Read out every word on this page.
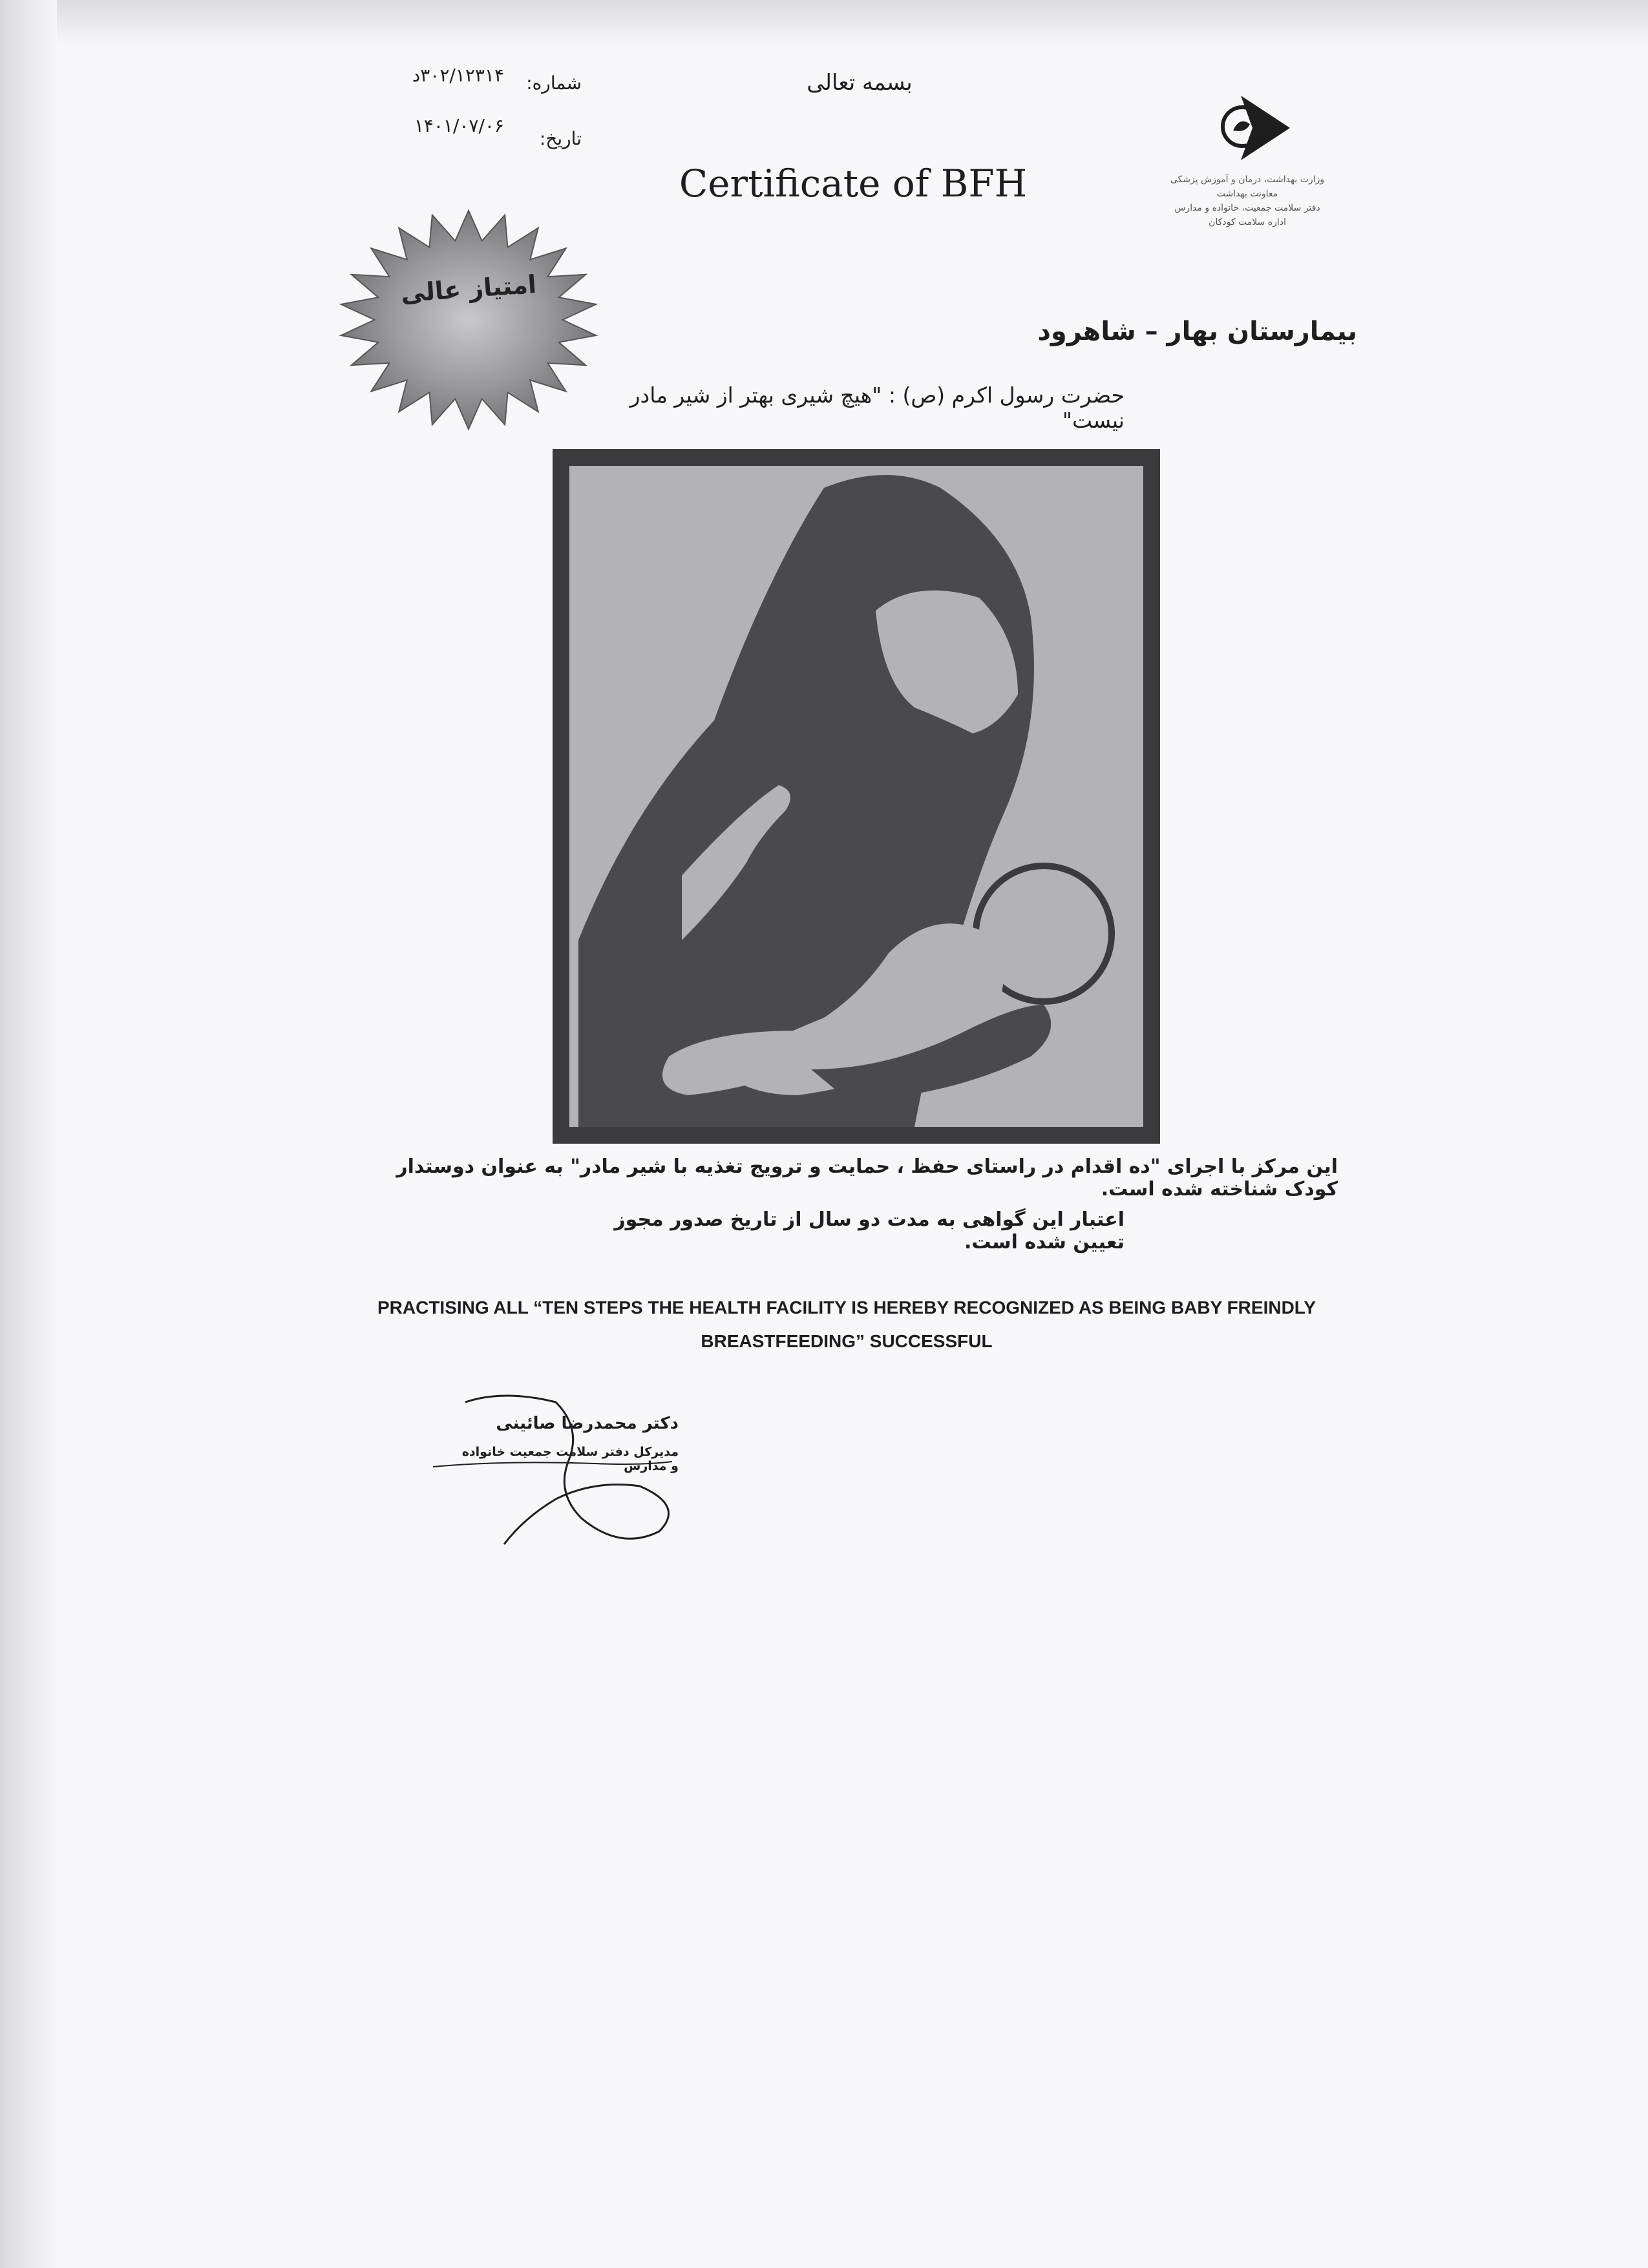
بسمه تعالی
شماره:
۳۰۲/۱۲۳۱۴د
تاریخ:
۱۴۰۱/۰۷/۰۶
Certificate of BFH	وزارت بهداشت، درمان و آموزش پزشکی
معاونت بهداشت
دفتر سلامت جمعیت، خانواده و مدارس
اداره سلامت کودکان
امتیاز عالی
بیمارستان بهار – شاهرود
حضرت رسول اکرم (ص) : "هیچ شیری بهتر از شیر مادر نیست"
این مرکز با اجرای "ده اقدام در راستای حفظ ، حمایت و ترویج تغذیه با شیر مادر" به عنوان دوستدار کودک شناخته شده است.
اعتبار این گواهی به مدت دو سال از تاریخ صدور مجوز تعیین شده است.
PRACTISING ALL “TEN STEPS THE HEALTH FACILITY IS HEREBY RECOGNIZED AS BEING BABY FREINDLY
BREASTFEEDING” SUCCESSFUL
دکتر محمدرضا صائینی
مدیرکل دفتر سلامت جمعیت خانواده و مدارس
